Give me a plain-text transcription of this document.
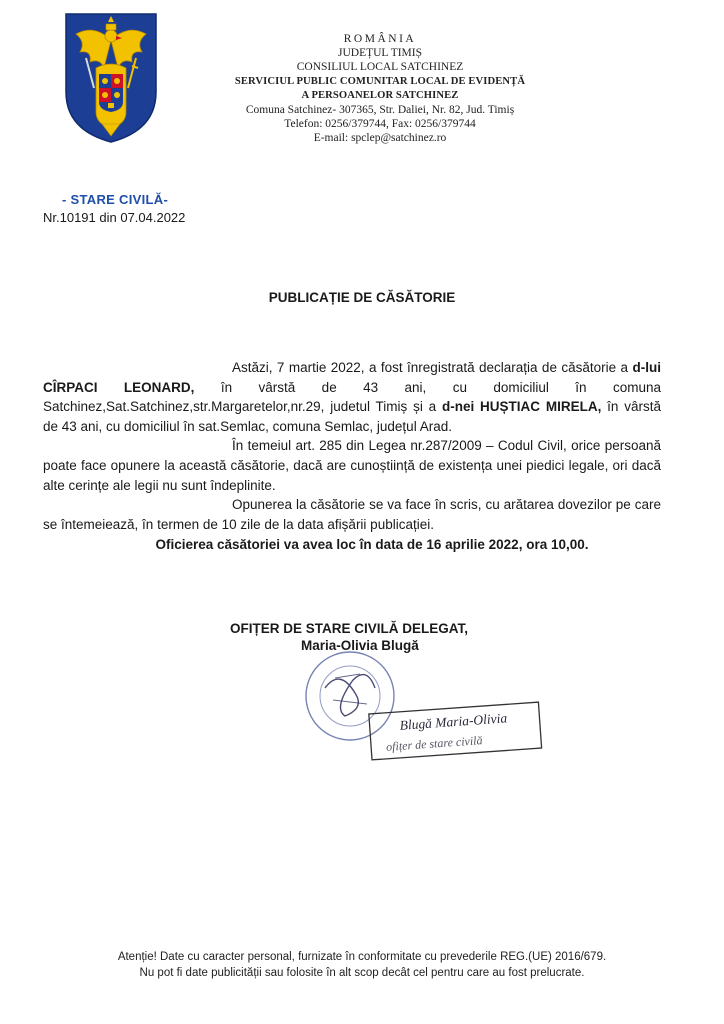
ROMÂNIA
JUDEȚUL TIMIȘ
CONSILIUL LOCAL SATCHINEZ
SERVICIUL PUBLIC COMUNITAR LOCAL DE EVIDENȚĂ
A PERSOANELOR SATCHINEZ
Comuna Satchinez- 307365, Str. Daliei, Nr. 82, Jud. Timiș
Telefon: 0256/379744, Fax: 0256/379744
E-mail: spclep@satchinez.ro
- STARE CIVILĂ-
Nr.10191 din 07.04.2022
PUBLICAȚIE DE CĂSĂTORIE

Astăzi, 7 martie 2022, a fost înregistrată declarația de căsătorie a d-lui CÎRPACI LEONARD, în vârstă de 43 ani, cu domiciliul în comuna Satchinez,Sat.Satchinez,str.Margaretelor,nr.29, judetul Timiș și a d-nei HUȘTIAC MIRELA, în vârstă de 43 ani, cu domiciliul în sat.Semlac, comuna Semlac, județul Arad.

În temeiul art. 285 din Legea nr.287/2009 – Codul Civil, orice persoană poate face opunere la această căsătorie, dacă are cunoștiință de existența unei piedici legale, ori dacă alte cerințe ale legii nu sunt îndeplinite.

Opunerea la căsătorie se va face în scris, cu arătarea dovezilor pe care se întemeiează, în termen de 10 zile de la data afișării publicației.

Oficierea căsătoriei va avea loc în data de 16 aprilie 2022, ora 10,00.

OFIȚER DE STARE CIVILĂ DELEGAT,
Maria-Olivia Blugă
Blugă Maria-Olivia
ofițer de stare civilă
Atenție! Date cu caracter personal, furnizate în conformitate cu prevederile REG.(UE) 2016/679.
Nu pot fi date publicității sau folosite în alt scop decât cel pentru care au fost prelucrate.
